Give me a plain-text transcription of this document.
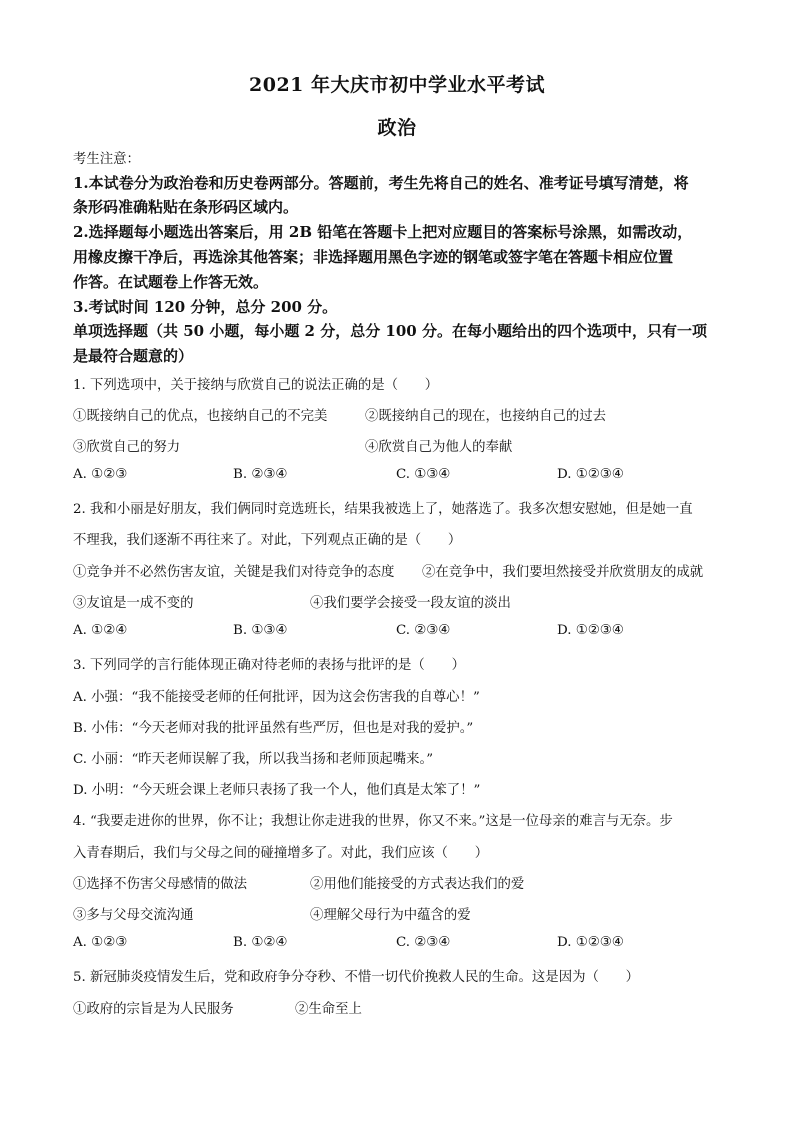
2021 年大庆市初中学业水平考试
政治
考生注意：
1.本试卷分为政治卷和历史卷两部分。答题前，考生先将自己的姓名、准考证号填写清楚，将
条形码准确粘贴在条形码区域内。
2.选择题每小题选出答案后，用 2B 铅笔在答题卡上把对应题目的答案标号涂黑，如需改动，
用橡皮擦干净后，再选涂其他答案；非选择题用黑色字迹的钢笔或签字笔在答题卡相应位置
作答。在试题卷上作答无效。
3.考试时间 120 分钟，总分 200 分。
单项选择题（共 50 小题，每小题 2 分，总分 100 分。在每小题给出的四个选项中，只有一项
是最符合题意的）
1. 下列选项中，关于接纳与欣赏自己的说法正确的是（　　）
①既接纳自己的优点，也接纳自己的不完美	②既接纳自己的现在，也接纳自己的过去
③欣赏自己的努力	④欣赏自己为他人的奉献
A. ①②③	B. ②③④	C. ①③④	D. ①②③④
2. 我和小丽是好朋友，我们俩同时竞选班长，结果我被选上了，她落选了。我多次想安慰她，但是她一直
不理我，我们逐渐不再往来了。对此，下列观点正确的是（　　）
①竞争并不必然伤害友谊，关键是我们对待竞争的态度 ②在竞争中，我们要坦然接受并欣赏朋友的成就
③友谊是一成不变的	④我们要学会接受一段友谊的淡出
A. ①②④	B. ①③④	C. ②③④	D. ①②③④
3. 下列同学的言行能体现正确对待老师的表扬与批评的是（　　）
A. 小强：“我不能接受老师的任何批评，因为这会伤害我的自尊心！”
B. 小伟：“今天老师对我的批评虽然有些严厉，但也是对我的爱护。”
C. 小丽：“昨天老师误解了我，所以我当扬和老师顶起嘴来。”
D. 小明：“今天班会课上老师只表扬了我一个人，他们真是太笨了！”
4. “我要走进你的世界，你不让；我想让你走进我的世界，你又不来。”这是一位母亲的难言与无奈。步
入青春期后，我们与父母之间的碰撞增多了。对此，我们应该（　　）
①选择不伤害父母感情的做法	②用他们能接受的方式表达我们的爱
③多与父母交流沟通	④理解父母行为中蕴含的爱
A. ①②③	B. ①②④	C. ②③④	D. ①②③④
5. 新冠肺炎疫情发生后，党和政府争分夺秒、不惜一切代价挽救人民的生命。这是因为（　　）
①政府的宗旨是为人民服务	②生命至上
